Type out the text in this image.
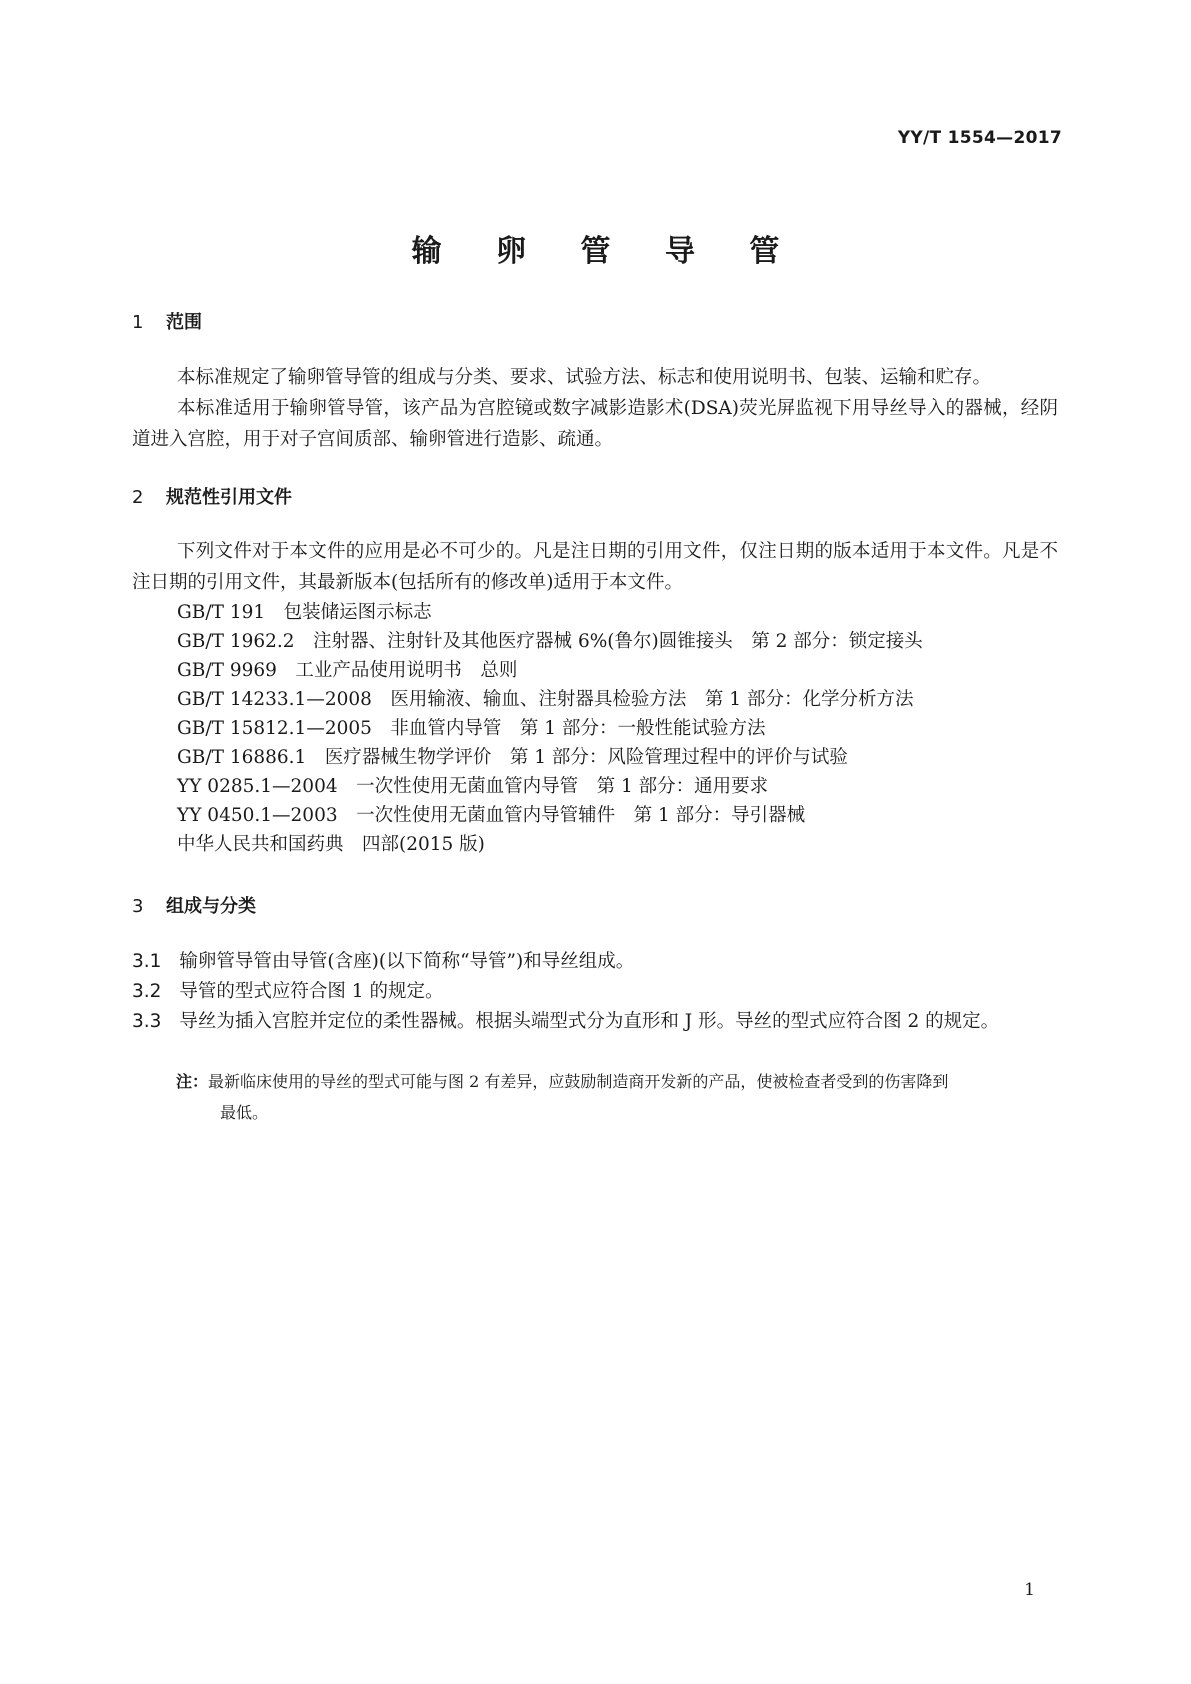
YY/T 1554—2017
输 卵 管 导 管
1 范围
本标准规定了输卵管导管的组成与分类、要求、试验方法、标志和使用说明书、包装、运输和贮存。
本标准适用于输卵管导管，该产品为宫腔镜或数字减影造影术(DSA)荧光屏监视下用导丝导入的器械，经阴道进入宫腔，用于对子宫间质部、输卵管进行造影、疏通。
2 规范性引用文件
下列文件对于本文件的应用是必不可少的。凡是注日期的引用文件，仅注日期的版本适用于本文件。凡是不注日期的引用文件，其最新版本(包括所有的修改单)适用于本文件。
GB/T 191　包装储运图示标志
GB/T 1962.2　注射器、注射针及其他医疗器械 6%(鲁尔)圆锥接头　第 2 部分：锁定接头
GB/T 9969　工业产品使用说明书　总则
GB/T 14233.1—2008　医用输液、输血、注射器具检验方法　第 1 部分：化学分析方法
GB/T 15812.1—2005　非血管内导管　第 1 部分：一般性能试验方法
GB/T 16886.1　医疗器械生物学评价　第 1 部分：风险管理过程中的评价与试验
YY 0285.1—2004　一次性使用无菌血管内导管　第 1 部分：通用要求
YY 0450.1—2003　一次性使用无菌血管内导管辅件　第 1 部分：导引器械
中华人民共和国药典　四部(2015 版)
3 组成与分类
3.1 输卵管导管由导管(含座)(以下简称“导管”)和导丝组成。
3.2 导管的型式应符合图 1 的规定。
3.3 导丝为插入宫腔并定位的柔性器械。根据头端型式分为直形和 J 形。导丝的型式应符合图 2 的规定。
注：最新临床使用的导丝的型式可能与图 2 有差异，应鼓励制造商开发新的产品，使被检查者受到的伤害降到
最低。
1
